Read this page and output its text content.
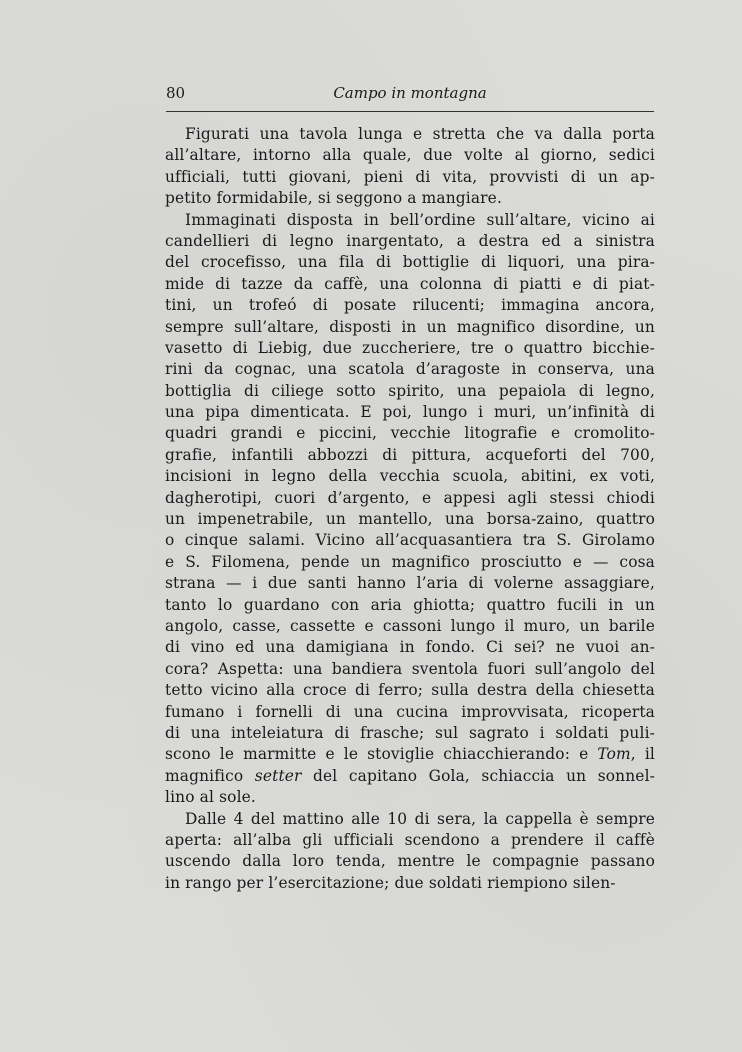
80	Campo in montagna
Figurati una tavola lunga e stretta che va dalla porta
all’altare, intorno alla quale, due volte al giorno, sedici
ufficiali, tutti giovani, pieni di vita, provvisti di un ap-
petito formidabile, si seggono a mangiare.
Immaginati disposta in bell’ordine sull’altare, vicino ai
candellieri di legno inargentato, a destra ed a sinistra
del crocefisso, una fila di bottiglie di liquori, una pira-
mide di tazze da caffè, una colonna di piatti e di piat-
tini, un trofeó di posate rilucenti; immagina ancora,
sempre sull’altare, disposti in un magnifico disordine, un
vasetto di Liebig, due zuccheriere, tre o quattro bicchie-
rini da cognac, una scatola d’aragoste in conserva, una
bottiglia di ciliege sotto spirito, una pepaiola di legno,
una pipa dimenticata. E poi, lungo i muri, un’infinità di
quadri grandi e piccini, vecchie litografie e cromolito-
grafie, infantili abbozzi di pittura, acqueforti del 700,
incisioni in legno della vecchia scuola, abitini, ex voti,
dagherotipi, cuori d’argento, e appesi agli stessi chiodi
un impenetrabile, un mantello, una borsa-zaino, quattro
o cinque salami. Vicino all’acquasantiera tra S. Girolamo
e S. Filomena, pende un magnifico prosciutto e — cosa
strana — i due santi hanno l’aria di volerne assaggiare,
tanto lo guardano con aria ghiotta; quattro fucili in un
angolo, casse, cassette e cassoni lungo il muro, un barile
di vino ed una damigiana in fondo. Ci sei? ne vuoi an-
cora? Aspetta: una bandiera sventola fuori sull’angolo del
tetto vicino alla croce di ferro; sulla destra della chiesetta
fumano i fornelli di una cucina improvvisata, ricoperta
di una inteleiatura di frasche; sul sagrato i soldati puli-
scono le marmitte e le stoviglie chiacchierando: e Tom, il
magnifico setter del capitano Gola, schiaccia un sonnel-
lino al sole.
Dalle 4 del mattino alle 10 di sera, la cappella è sempre
aperta: all’alba gli ufficiali scendono a prendere il caffè
uscendo dalla loro tenda, mentre le compagnie passano
in rango per l’esercitazione; due soldati riempiono silen-
